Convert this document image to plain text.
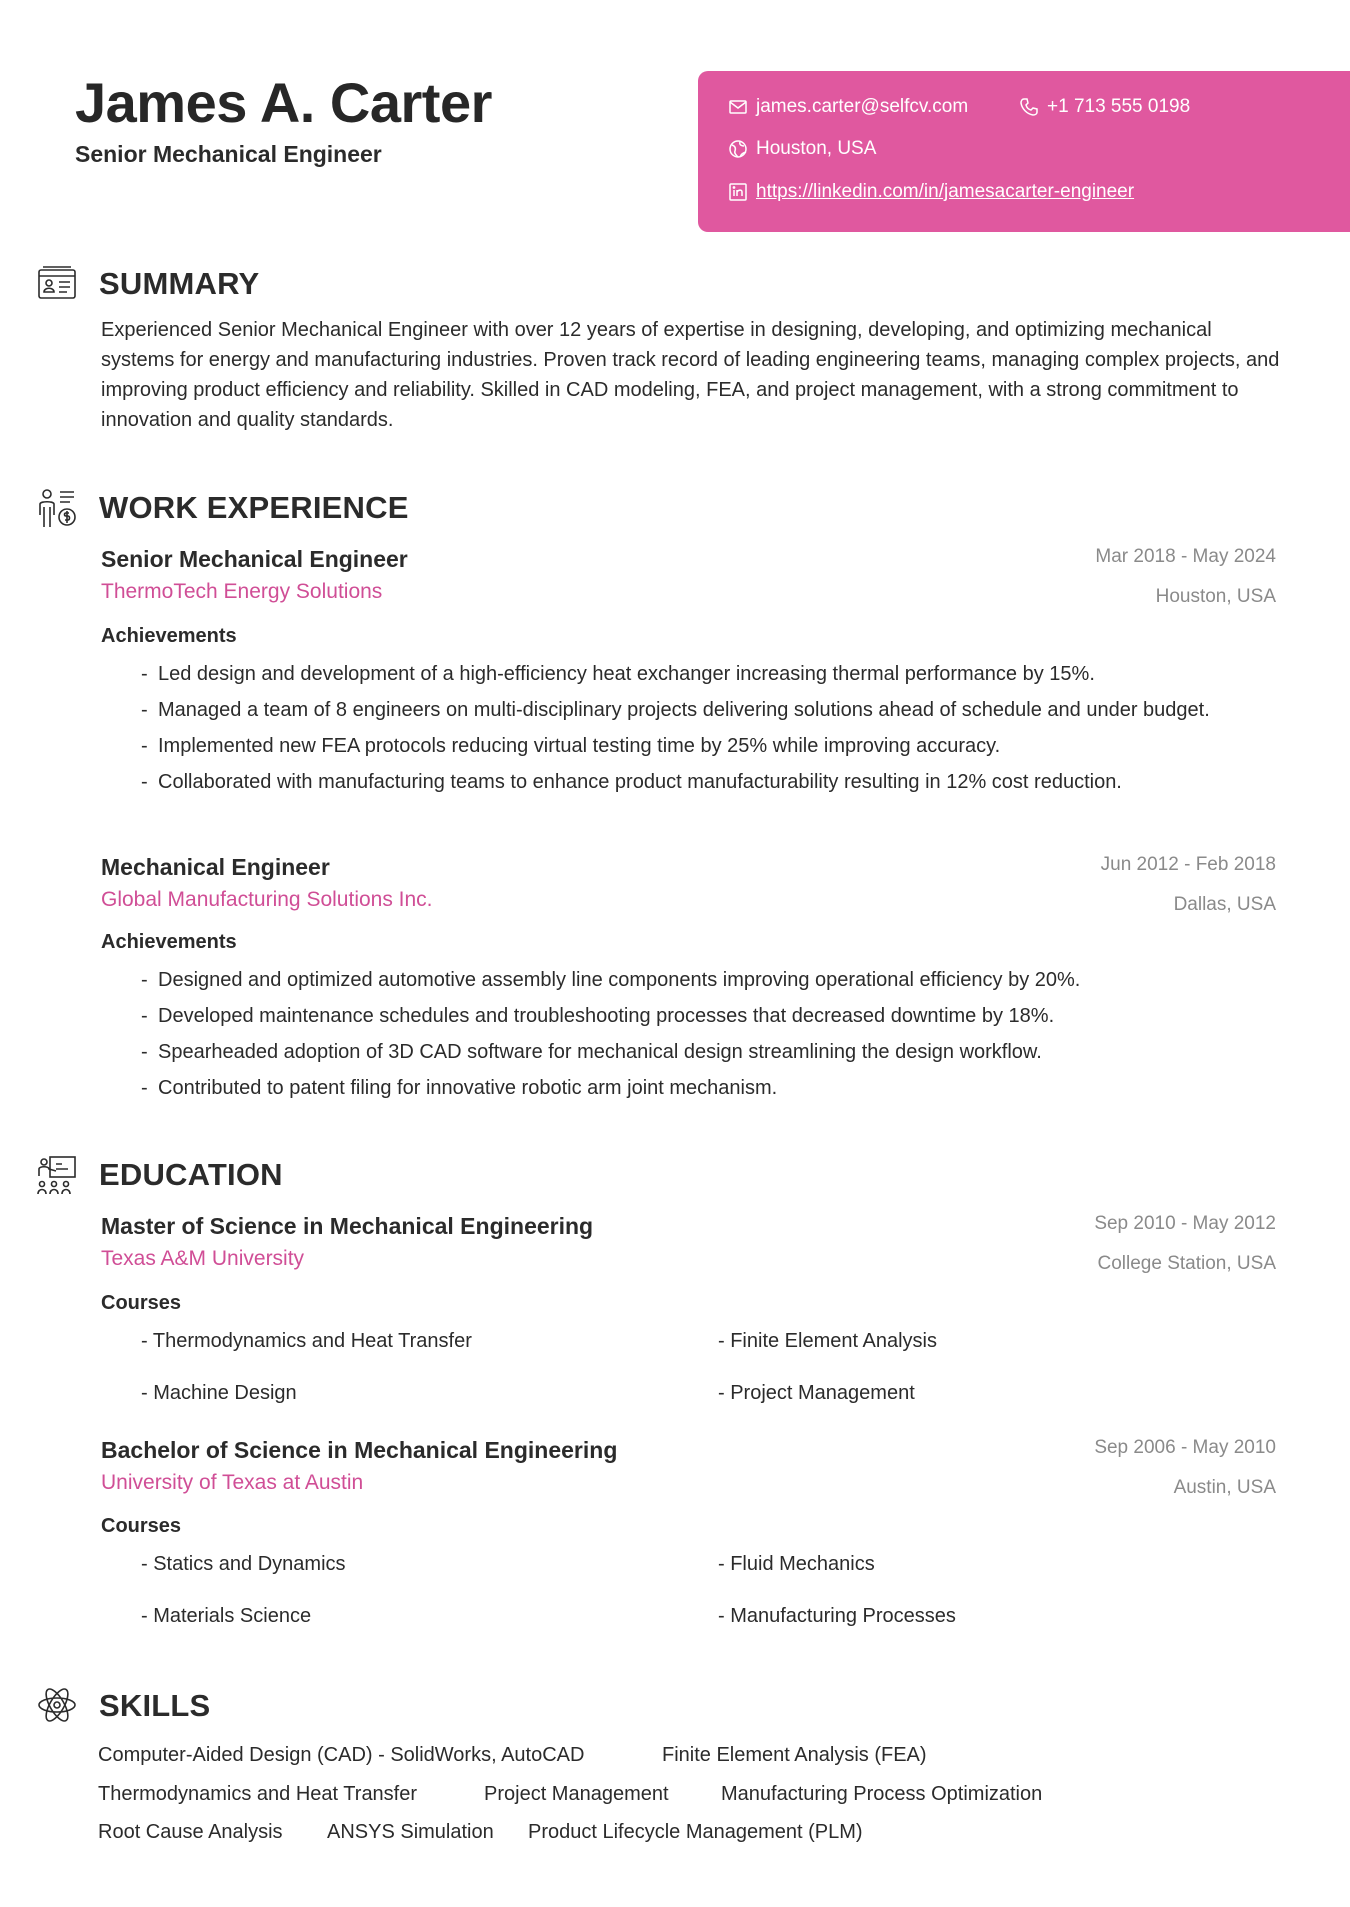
James A. Carter

Senior Mechanical Engineer

james.carter@selfcv.com	+1 713 555 0198
Houston, USA
https://linkedin.com/in/jamesacarter-engineer
SUMMARY

Experienced Senior Mechanical Engineer with over 12 years of expertise in designing, developing, and optimizing mechanical systems for energy and manufacturing industries. Proven track record of leading engineering teams, managing complex projects, and improving product efficiency and reliability. Skilled in CAD modeling, FEA, and project management, with a strong commitment to innovation and quality standards.

WORK EXPERIENCE
Senior Mechanical Engineer

ThermoTech Energy Solutions

Mar 2018 - May 2024
Houston, USA
Achievements
- Led design and development of a high-efficiency heat exchanger increasing thermal performance by 15%.
- Managed a team of 8 engineers on multi-disciplinary projects delivering solutions ahead of schedule and under budget.
- Implemented new FEA protocols reducing virtual testing time by 25% while improving accuracy.
- Collaborated with manufacturing teams to enhance product manufacturability resulting in 12% cost reduction.
Mechanical Engineer

Global Manufacturing Solutions Inc.

Jun 2012 - Feb 2018
Dallas, USA
Achievements
- Designed and optimized automotive assembly line components improving operational efficiency by 20%.
- Developed maintenance schedules and troubleshooting processes that decreased downtime by 18%.
- Spearheaded adoption of 3D CAD software for mechanical design streamlining the design workflow.
- Contributed to patent filing for innovative robotic arm joint mechanism.
EDUCATION
Master of Science in Mechanical Engineering

Texas A&M University

Sep 2010 - May 2012
College Station, USA
Courses
- Thermodynamics and Heat Transfer	- Finite Element Analysis
- Machine Design	- Project Management
Bachelor of Science in Mechanical Engineering

University of Texas at Austin

Sep 2006 - May 2010
Austin, USA
Courses
- Statics and Dynamics	- Fluid Mechanics
- Materials Science	- Manufacturing Processes
SKILLS
Computer-Aided Design (CAD) - SolidWorks, AutoCAD	Finite Element Analysis (FEA)
Thermodynamics and Heat Transfer	Project Management	Manufacturing Process Optimization
Root Cause Analysis ANSYS Simulation Product Lifecycle Management (PLM)
